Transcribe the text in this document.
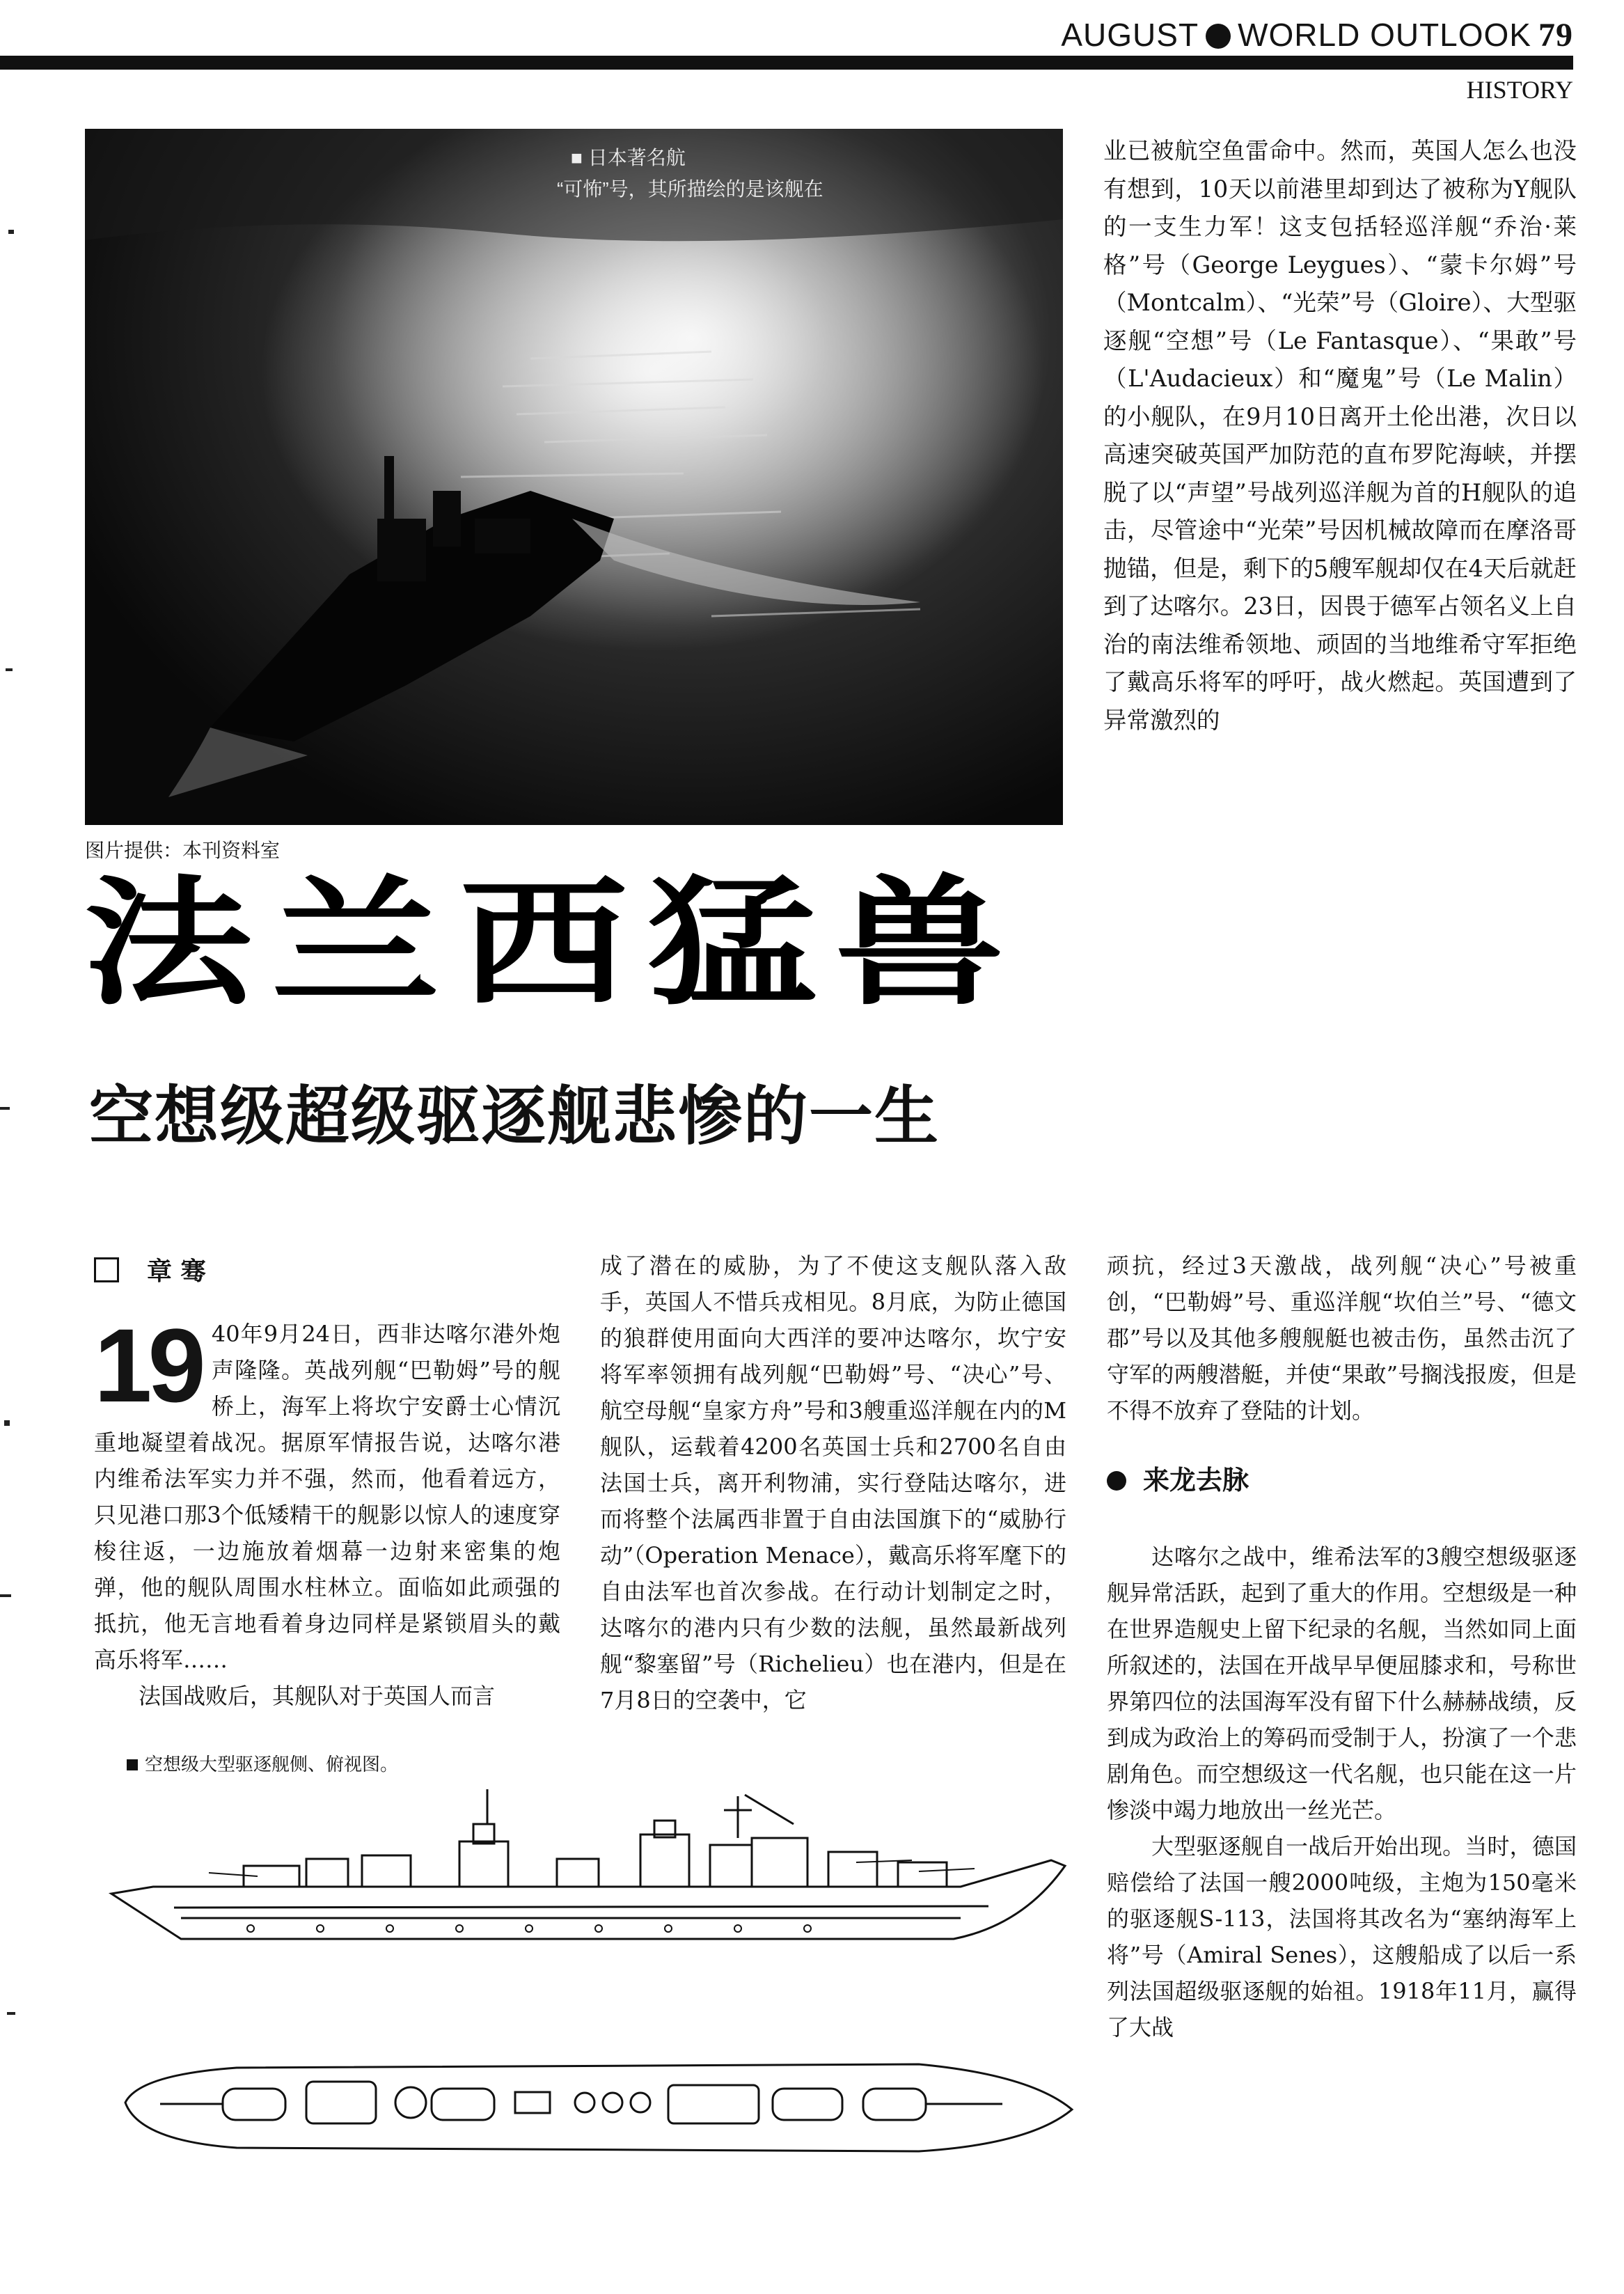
AUGUST WORLD OUTLOOK 79
HISTORY
■ 日本著名航
“可怖”号，其所描绘的是该舰在
图片提供：本刊资料室
业已被航空鱼雷命中。然而，英国人怎么也没有想到，10天以前港里却到达了被称为Y舰队的一支生力军！这支包括轻巡洋舰“乔治·莱格”号（George Leygues）、“蒙卡尔姆”号（Montcalm）、“光荣”号（Gloire）、大型驱逐舰“空想”号（Le Fantasque）、“果敢”号（L'Audacieux）和“魔鬼”号（Le Malin）的小舰队，在9月10日离开土伦出港，次日以高速突破英国严加防范的直布罗陀海峡，并摆脱了以“声望”号战列巡洋舰为首的H舰队的追击，尽管途中“光荣”号因机械故障而在摩洛哥抛锚，但是，剩下的5艘军舰却仅在4天后就赶到了达喀尔。23日，因畏于德军占领名义上自治的南法维希领地、顽固的当地维希守军拒绝了戴高乐将军的呼吁，战火燃起。英国遭到了异常激烈的
法兰西猛兽
空想级超级驱逐舰悲惨的一生
章 骞
19 40年9月24日，西非达喀尔港外炮声隆隆。英战列舰“巴勒姆”号的舰桥上，海军上将坎宁安爵士心情沉重地凝望着战况。据原军情报告说，达喀尔港内维希法军实力并不强，然而，他看着远方，只见港口那3个低矮精干的舰影以惊人的速度穿梭往返，一边施放着烟幕一边射来密集的炮弹，他的舰队周围水柱林立。面临如此顽强的抵抗，他无言地看着身边同样是紧锁眉头的戴高乐将军……

法国战败后，其舰队对于英国人而言

成了潜在的威胁，为了不使这支舰队落入敌手，英国人不惜兵戎相见。8月底，为防止德国的狼群使用面向大西洋的要冲达喀尔，坎宁安将军率领拥有战列舰“巴勒姆”号、“决心”号、航空母舰“皇家方舟”号和3艘重巡洋舰在内的M舰队，运载着4200名英国士兵和2700名自由法国士兵，离开利物浦，实行登陆达喀尔，进而将整个法属西非置于自由法国旗下的“威胁行动”（Operation Menace），戴高乐将军麾下的自由法军也首次参战。在行动计划制定之时，达喀尔的港内只有少数的法舰，虽然最新战列舰“黎塞留”号（Richelieu）也在港内，但是在7月8日的空袭中，它

顽抗，经过3天激战，战列舰“决心”号被重创，“巴勒姆”号、重巡洋舰“坎伯兰”号、“德文郡”号以及其他多艘舰艇也被击伤，虽然击沉了守军的两艘潜艇，并使“果敢”号搁浅报废，但是不得不放弃了登陆的计划。

来龙去脉

达喀尔之战中，维希法军的3艘空想级驱逐舰异常活跃，起到了重大的作用。空想级是一种在世界造舰史上留下纪录的名舰，当然如同上面所叙述的，法国在开战早早便屈膝求和，号称世界第四位的法国海军没有留下什么赫赫战绩，反到成为政治上的筹码而受制于人，扮演了一个悲剧角色。而空想级这一代名舰，也只能在这一片惨淡中竭力地放出一丝光芒。

大型驱逐舰自一战后开始出现。当时，德国赔偿给了法国一艘2000吨级，主炮为150毫米的驱逐舰S-113，法国将其改名为“塞纳海军上将”号（Amiral Senes），这艘船成了以后一系列法国超级驱逐舰的始祖。1918年11月，赢得了大战

空想级大型驱逐舰侧、俯视图。
